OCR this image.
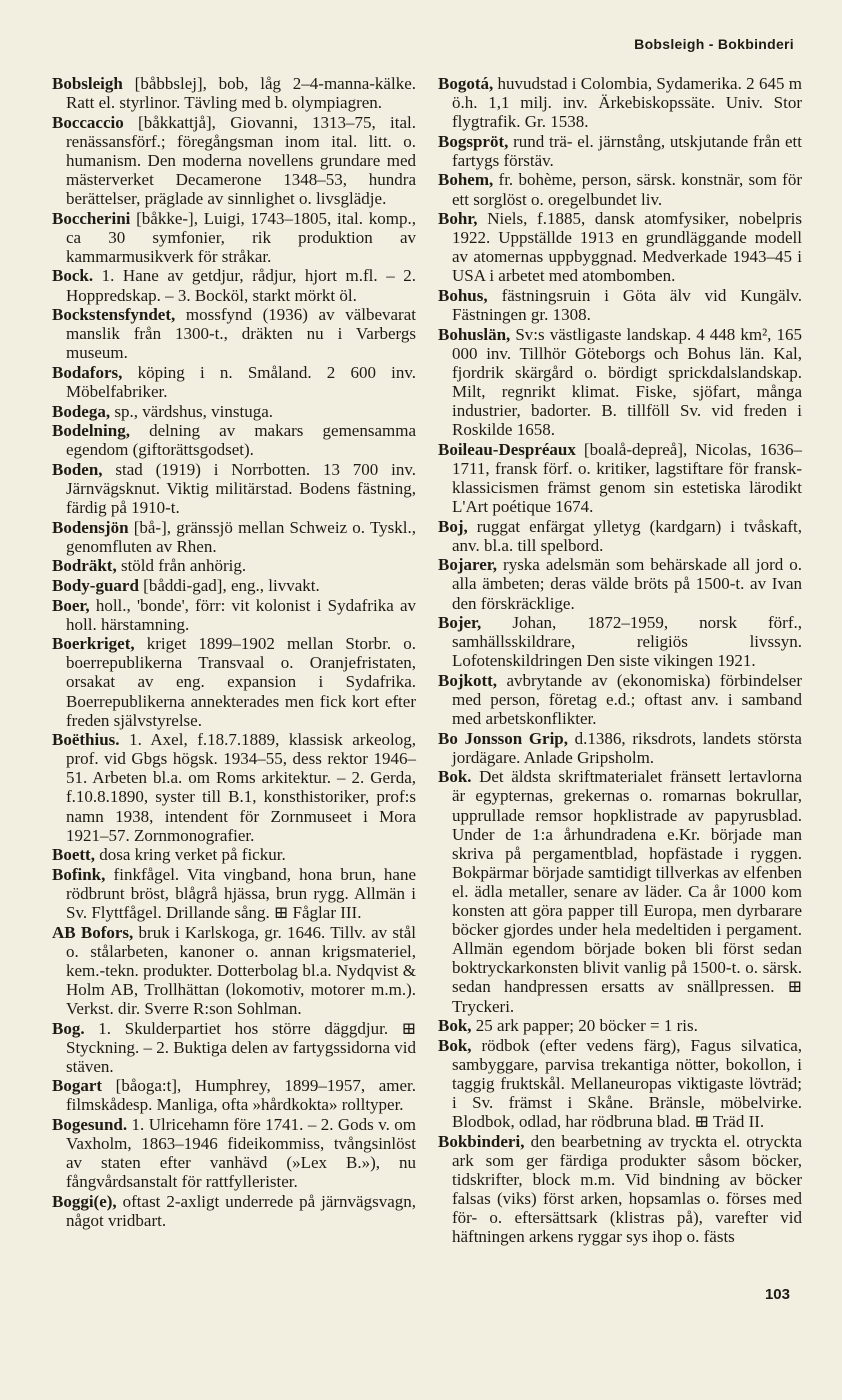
Bobsleigh - Bokbinderi

Bobsleigh [båbbslej], bob, låg 2–4-manna-kälke. Ratt el. styrlinor. Tävling med b. olympiagren.

Boccaccio [båkkattjå], Giovanni, 1313–75, ital. renässansförf.; föregångsman inom ital. litt. o. humanism. Den moderna novellens grundare med mästerverket Decamerone 1348–53, hundra berättelser, präglade av sinnlighet o. livsglädje.

Boccherini [båkke-], Luigi, 1743–1805, ital. komp., ca 30 symfonier, rik produktion av kammarmusikverk för stråkar.

Bock. 1. Hane av getdjur, rådjur, hjort m.fl. – 2. Hoppredskap. – 3. Bocköl, starkt mörkt öl.

Bockstensfyndet, mossfynd (1936) av välbevarat manslik från 1300-t., dräkten nu i Varbergs museum.

Bodafors, köping i n. Småland. 2 600 inv. Möbelfabriker.

Bodega, sp., värdshus, vinstuga.

Bodelning, delning av makars gemensamma egendom (giftorättsgodset).

Boden, stad (1919) i Norrbotten. 13 700 inv. Järnvägsknut. Viktig militärstad. Bodens fästning, färdig på 1910-t.

Bodensjön [bå-], gränssjö mellan Schweiz o. Tyskl., genomfluten av Rhen.

Bodräkt, stöld från anhörig.

Body-guard [båddi-gad], eng., livvakt.

Boer, holl., 'bonde', förr: vit kolonist i Sydafrika av holl. härstamning.

Boerkriget, kriget 1899–1902 mellan Storbr. o. boerrepublikerna Transvaal o. Oranjefristaten, orsakat av eng. expansion i Sydafrika. Boerrepublikerna annekterades men fick kort efter freden självstyrelse.

Boëthius. 1. Axel, f.18.7.1889, klassisk arkeolog, prof. vid Gbgs högsk. 1934–55, dess rektor 1946–51. Arbeten bl.a. om Roms arkitektur. – 2. Gerda, f.10.8.1890, syster till B.1, konsthistoriker, prof:s namn 1938, intendent för Zornmuseet i Mora 1921–57. Zornmonografier.

Boett, dosa kring verket på fickur.

Bofink, finkfågel. Vita vingband, hona brun, hane rödbrunt bröst, blågrå hjässa, brun rygg. Allmän i Sv. Flyttfågel. Drillande sång. ⊞ Fåglar III.

AB Bofors, bruk i Karlskoga, gr. 1646. Tillv. av stål o. stålarbeten, kanoner o. annan krigsmateriel, kem.-tekn. produkter. Dotterbolag bl.a. Nydqvist & Holm AB, Trollhättan (lokomotiv, motorer m.m.). Verkst. dir. Sverre R:son Sohlman.

Bog. 1. Skulderpartiet hos större däggdjur. ⊞ Styckning. – 2. Buktiga delen av fartygssidorna vid stäven.

Bogart [båoga:t], Humphrey, 1899–1957, amer. filmskådesp. Manliga, ofta »hårdkokta» rolltyper.

Bogesund. 1. Ulricehamn före 1741. – 2. Gods v. om Vaxholm, 1863–1946 fideikommiss, tvångsinlöst av staten efter vanhävd (»Lex B.»), nu fångvårdsanstalt för rattfyllerister.

Boggi(e), oftast 2-axligt underrede på järnvägsvagn, något vridbart.

Bogotá, huvudstad i Colombia, Sydamerika. 2 645 m ö.h. 1,1 milj. inv. Ärkebiskopssäte. Univ. Stor flygtrafik. Gr. 1538.

Bogspröt, rund trä- el. järnstång, utskjutande från ett fartygs förstäv.

Bohem, fr. bohème, person, särsk. konstnär, som för ett sorglöst o. oregelbundet liv.

Bohr, Niels, f.1885, dansk atomfysiker, nobelpris 1922. Uppställde 1913 en grundläggande modell av atomernas uppbyggnad. Medverkade 1943–45 i USA i arbetet med atombomben.

Bohus, fästningsruin i Göta älv vid Kungälv. Fästningen gr. 1308.

Bohuslän, Sv:s västligaste landskap. 4 448 km², 165 000 inv. Tillhör Göteborgs och Bohus län. Kal, fjordrik skärgård o. bördigt sprickdalslandskap. Milt, regnrikt klimat. Fiske, sjöfart, många industrier, badorter. B. tillföll Sv. vid freden i Roskilde 1658.

Boileau-Despréaux [boalå-depreå], Nicolas, 1636–1711, fransk förf. o. kritiker, lagstiftare för fransk-klassicismen främst genom sin estetiska lärodikt L'Art poétique 1674.

Boj, ruggat enfärgat ylletyg (kardgarn) i tvåskaft, anv. bl.a. till spelbord.

Bojarer, ryska adelsmän som behärskade all jord o. alla ämbeten; deras välde bröts på 1500-t. av Ivan den förskräcklige.

Bojer, Johan, 1872–1959, norsk förf., samhällsskildrare, religiös livssyn. Lofotenskildringen Den siste vikingen 1921.

Bojkott, avbrytande av (ekonomiska) förbindelser med person, företag e.d.; oftast anv. i samband med arbetskonflikter.

Bo Jonsson Grip, d.1386, riksdrots, landets största jordägare. Anlade Gripsholm.

Bok. Det äldsta skriftmaterialet fränsett lertavlorna är egypternas, grekernas o. romarnas bokrullar, upprullade remsor hopklistrade av papyrusblad. Under de 1:a århundradena e.Kr. började man skriva på pergamentblad, hopfästade i ryggen. Bokpärmar började samtidigt tillverkas av elfenben el. ädla metaller, senare av läder. Ca år 1000 kom konsten att göra papper till Europa, men dyrbarare böcker gjordes under hela medeltiden i pergament. Allmän egendom började boken bli först sedan boktryckarkonsten blivit vanlig på 1500-t. o. särsk. sedan handpressen ersatts av snällpressen. ⊞ Tryckeri.

Bok, 25 ark papper; 20 böcker = 1 ris.

Bok, rödbok (efter vedens färg), Fagus silvatica, sambyggare, parvisa trekantiga nötter, bokollon, i taggig fruktskål. Mellaneuropas viktigaste lövträd; i Sv. främst i Skåne. Bränsle, möbelvirke. Blodbok, odlad, har rödbruna blad. ⊞ Träd II.

Bokbinderi, den bearbetning av tryckta el. otryckta ark som ger färdiga produkter såsom böcker, tidskrifter, block m.m. Vid bindning av böcker falsas (viks) först arken, hopsamlas o. förses med för- o. eftersättsark (klistras på), varefter vid häftningen arkens ryggar sys ihop o. fästs

103
